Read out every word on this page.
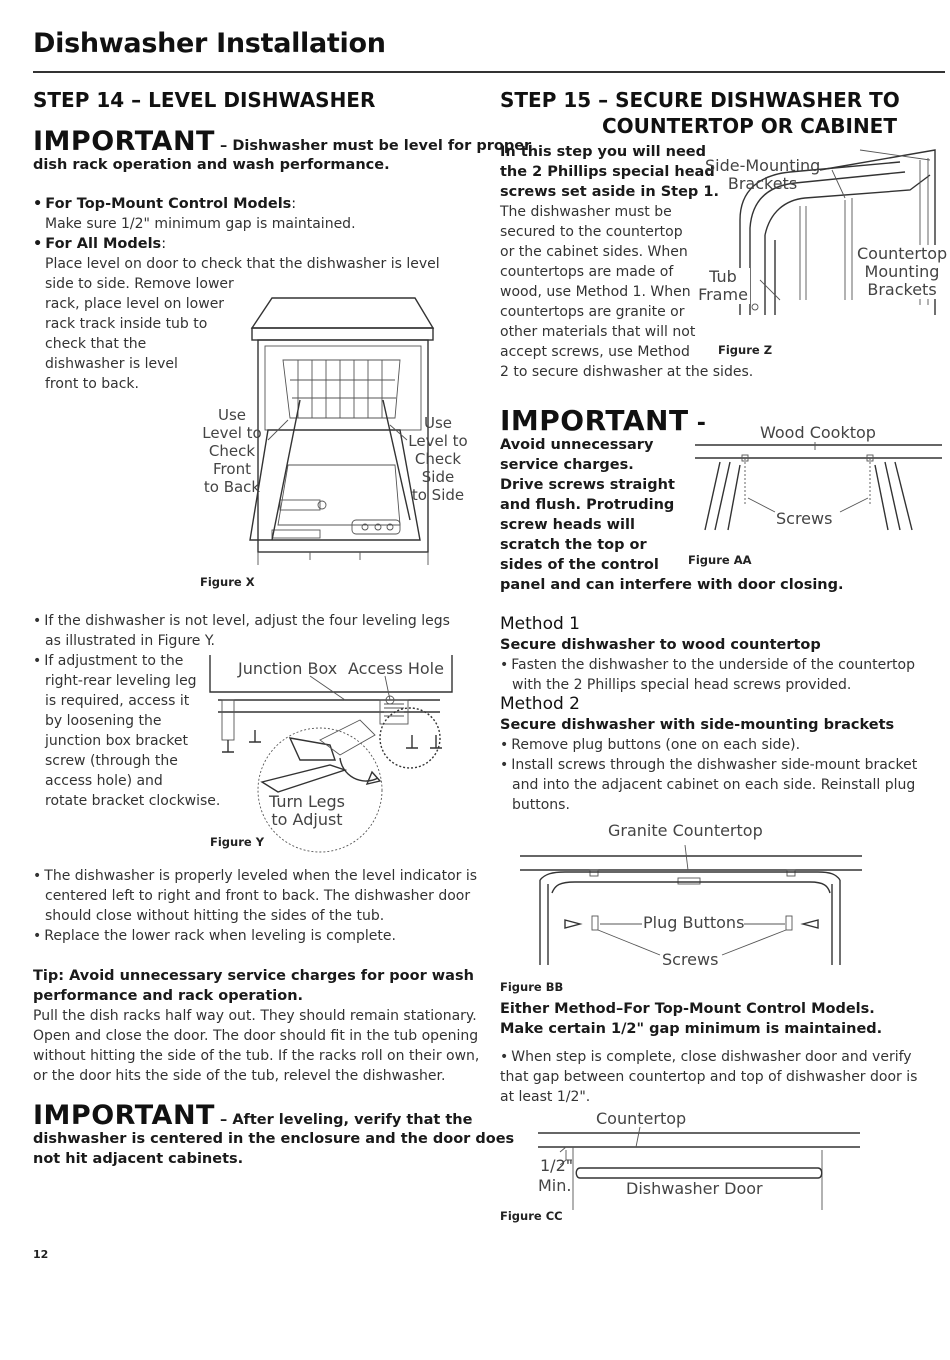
Dishwasher Installation
STEP 14 – LEVEL DISHWASHER
IMPORTANT – Dishwasher must be level for proper
dish rack operation and wash performance.
• For Top-Mount Control Models:
Make sure 1/2" minimum gap is maintained.
• For All Models:
Place level on door to check that the dishwasher is level
side to side. Remove lower
rack, place level on lower
rack track inside tub to
check that the
dishwasher is level
front to back.
Use
Level to
Check
Front
to Back
Use
Level to
Check
Side
to Side
Figure X
• If the dishwasher is not level, adjust the four leveling legs
as illustrated in Figure Y.
• If adjustment to the
right-rear leveling leg
is required, access it
by loosening the
junction box bracket
screw (through the
access hole) and
rotate bracket clockwise.
Junction Box Access Hole
Turn Legs
to Adjust
Figure Y
• The dishwasher is properly leveled when the level indicator is
centered left to right and front to back. The dishwasher door
should close without hitting the sides of the tub.
• Replace the lower rack when leveling is complete.
Tip: Avoid unnecessary service charges for poor wash
performance and rack operation.
Pull the dish racks half way out. They should remain stationary.
Open and close the door. The door should fit in the tub opening
without hitting the side of the tub. If the racks roll on their own,
or the door hits the side of the tub, relevel the dishwasher.
IMPORTANT – After leveling, verify that the
dishwasher is centered in the enclosure and the door does
not hit adjacent cabinets.
12
STEP 15 – SECURE DISHWASHER TO
COUNTERTOP OR CABINET
In this step you will need
the 2 Phillips special head
screws set aside in Step 1.
The dishwasher must be
secured to the countertop
or the cabinet sides. When
countertops are made of
wood, use Method 1. When
countertops are granite or
other materials that will not
accept screws, use Method
2 to secure dishwasher at the sides.
Side-Mounting
Brackets
Countertop
Mounting
Brackets
Tub
Frame
Figure Z
IMPORTANT -
Avoid unnecessary
service charges.
Drive screws straight
and flush. Protruding
screw heads will
scratch the top or
sides of the control
panel and can interfere with door closing.
Wood Cooktop
Screws
Figure AA
Method 1
Secure dishwasher to wood countertop
• Fasten the dishwasher to the underside of the countertop
with the 2 Phillips special head screws provided.
Method 2
Secure dishwasher with side-mounting brackets
• Remove plug buttons (one on each side).
• Install screws through the dishwasher side-mount bracket
and into the adjacent cabinet on each side. Reinstall plug
buttons.
Granite Countertop
Plug Buttons
Screws
Figure BB
Either Method–For Top-Mount Control Models.
Make certain 1/2" gap minimum is maintained.
• When step is complete, close dishwasher door and verify
that gap between countertop and top of dishwasher door is
at least 1/2".
Countertop
1/2"
Min.	Dishwasher Door
Figure CC
